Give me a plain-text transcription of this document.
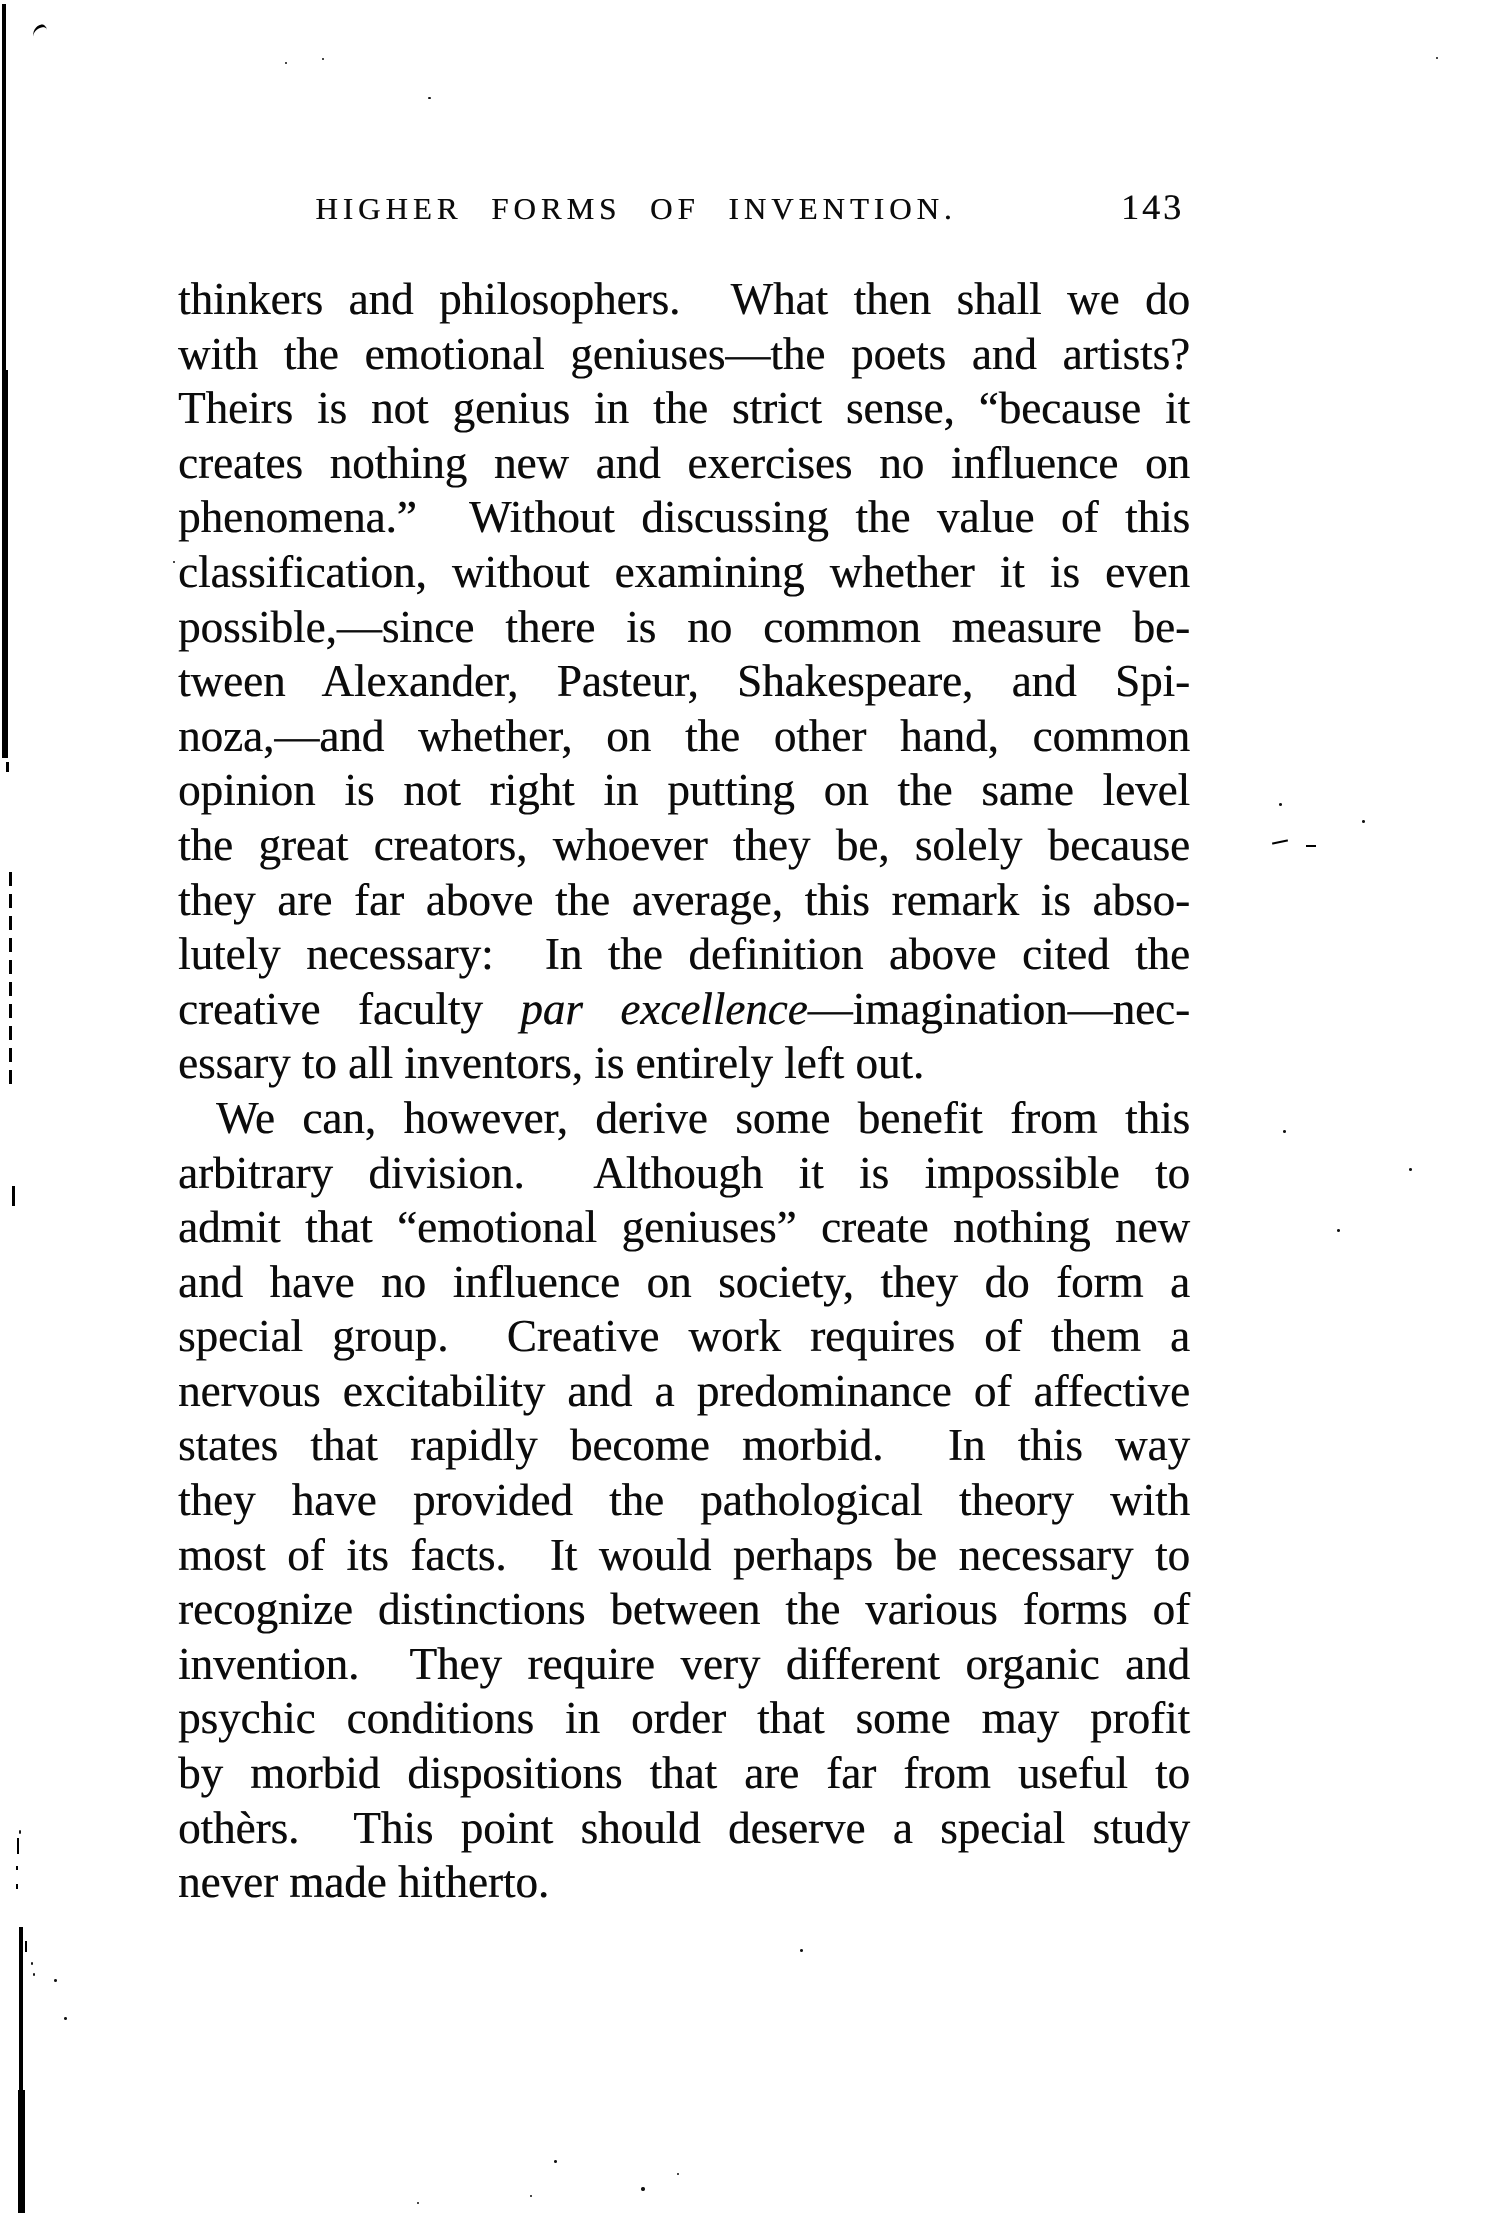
HIGHER FORMS OF INVENTION.	143
thinkers and philosophers.  What then shall we do
with the emotional geniuses—the poets and artists?
Theirs is not genius in the strict sense, “because it
creates nothing new and exercises no influence on
phenomena.”  Without discussing the value of this
classification, without examining whether it is even
possible,—since there is no common measure be-
tween Alexander, Pasteur, Shakespeare, and Spi-
noza,—and whether, on the other hand, common
opinion is not right in putting on the same level
the great creators, whoever they be, solely because
they are far above the average, this remark is abso-
lutely necessary:  In the definition above cited the
creative faculty par excellence—imagination—nec-
essary to all inventors, is entirely left out.
We can, however, derive some benefit from this
arbitrary division.  Although it is impossible to
admit that “emotional geniuses” create nothing new
and have no influence on society, they do form a
special group.  Creative work requires of them a
nervous excitability and a predominance of affective
states that rapidly become morbid.  In this way
they have provided the pathological theory with
most of its facts.  It would perhaps be necessary to
recognize distinctions between the various forms of
invention.  They require very different organic and
psychic conditions in order that some may profit
by morbid dispositions that are far from useful to
othèrs.  This point should deserve a special study
never made hitherto.
